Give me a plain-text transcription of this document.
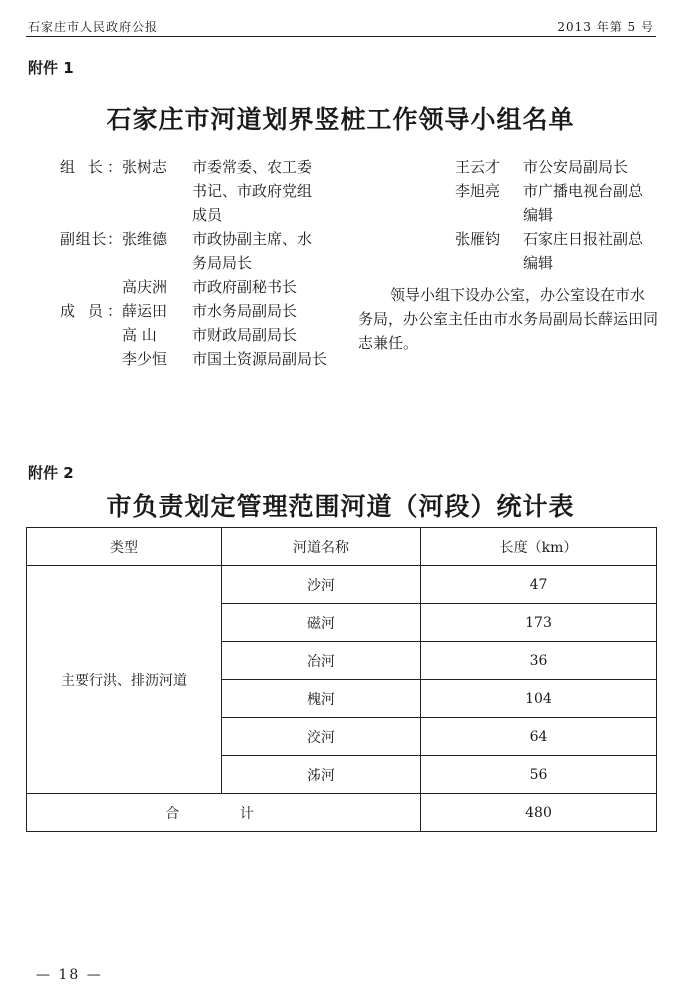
石家庄市人民政府公报	2013 年第 5 号
附件 1
石家庄市河道划界竖桩工作领导小组名单
组 长：张树志 市委常委、农工委
书记、市政府党组
成员
副组长：张维德 市政协副主席、水
务局局长
高庆洲 市政府副秘书长
成 员：薛运田 市水务局副局长
高 山 市财政局副局长
李少恒 市国土资源局副局长
王云才 市公安局副局长
李旭亮 市广播电视台副总
编辑
张雁钧 石家庄日报社副总
编辑
领导小组下设办公室，办公室设在市水务局，办公室主任由市水务局副局长薛运田同志兼任。
附件 2
市负责划定管理范围河道（河段）统计表
类型	河道名称	长度（km）
主要行洪、排沥河道	沙河	47
	磁河	173
	冶河	36
	槐河	104
	洨河	64
	泲河	56
合 计		480
— 18 —
